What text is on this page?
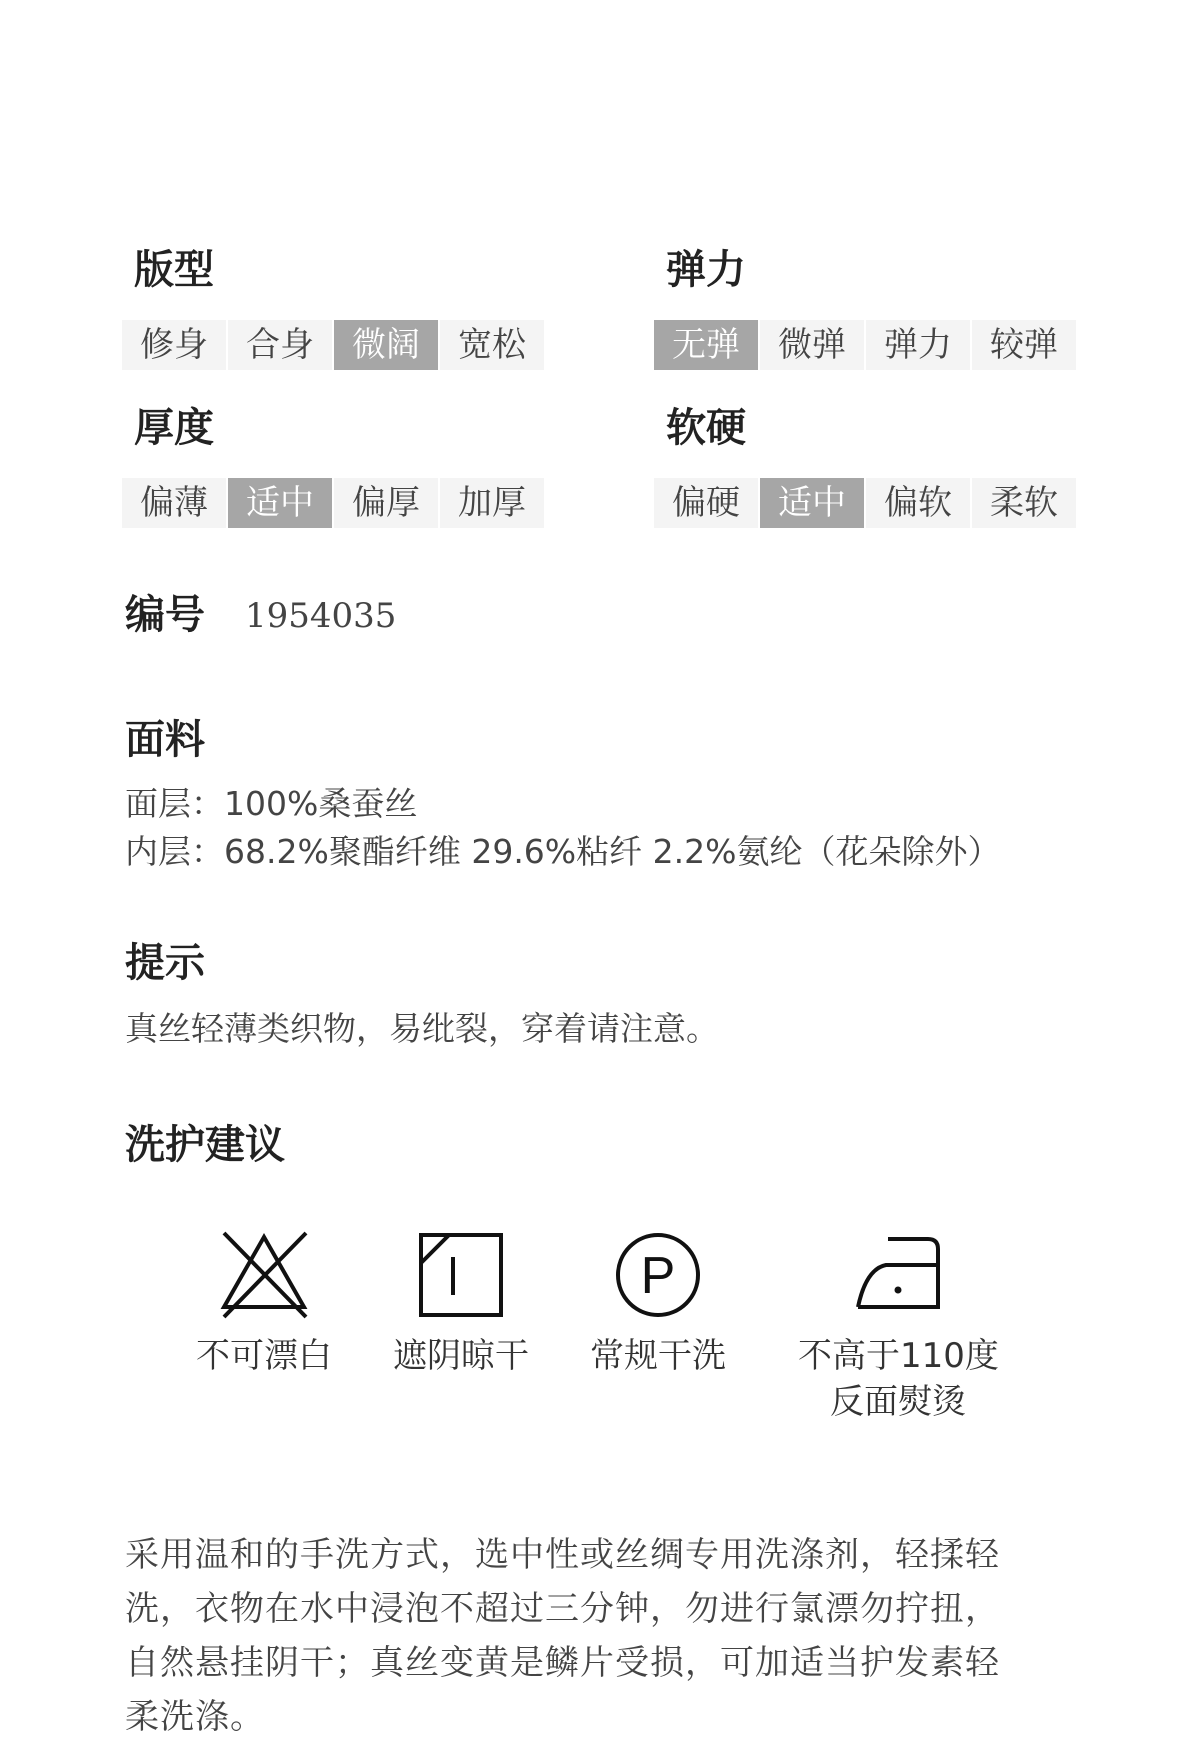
版型
修身	合身	微阔	宽松
弹力
无弹	微弹	弹力	较弹
厚度
偏薄	适中	偏厚	加厚
软硬
偏硬	适中	偏软	柔软
编号 1954035
面料
面层：100%桑蚕丝
内层：68.2%聚酯纤维 29.6%粘纤 2.2%氨纶（花朵除外）
提示
真丝轻薄类织物，易纰裂，穿着请注意。
洗护建议
不可漂白	遮阴晾干
P
常规干洗	不高于110度
反面熨烫
采用温和的手洗方式，选中性或丝绸专用洗涤剂，轻揉轻
洗，衣物在水中浸泡不超过三分钟，勿进行氯漂勿拧扭，
自然悬挂阴干；真丝变黄是鳞片受损，可加适当护发素轻
柔洗涤。
